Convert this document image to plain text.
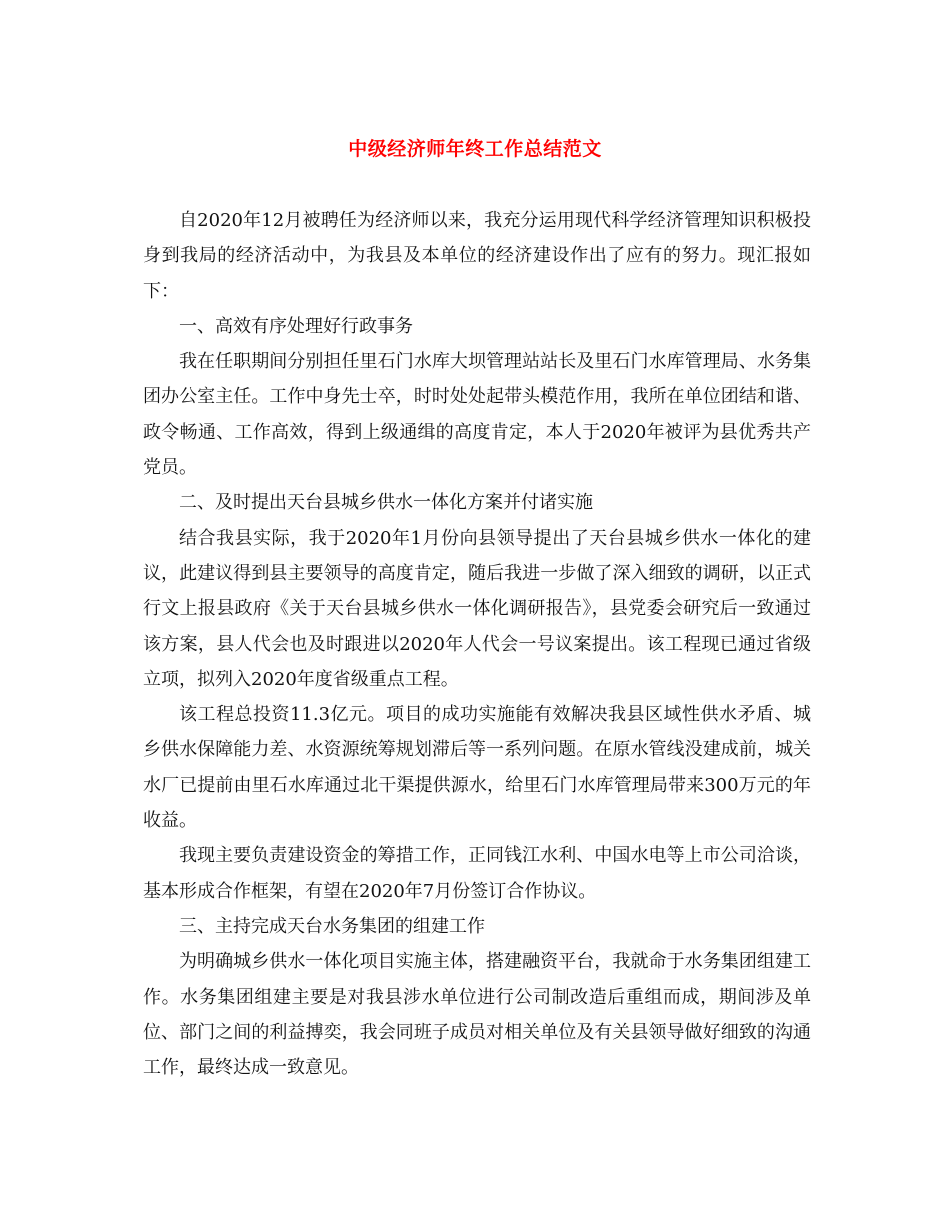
中级经济师年终工作总结范文

自2020年12月被聘任为经济师以来，我充分运用现代科学经济管理知识积极投身到我局的经济活动中，为我县及本单位的经济建设作出了应有的努力。现汇报如下：

一、高效有序处理好行政事务

我在任职期间分别担任里石门水库大坝管理站站长及里石门水库管理局、水务集团办公室主任。工作中身先士卒，时时处处起带头模范作用，我所在单位团结和谐、政令畅通、工作高效，得到上级通缉的高度肯定，本人于2020年被评为县优秀共产党员。

二、及时提出天台县城乡供水一体化方案并付诸实施

结合我县实际，我于2020年1月份向县领导提出了天台县城乡供水一体化的建议，此建议得到县主要领导的高度肯定，随后我进一步做了深入细致的调研，以正式行文上报县政府《关于天台县城乡供水一体化调研报告》，县党委会研究后一致通过该方案，县人代会也及时跟进以2020年人代会一号议案提出。该工程现已通过省级立项，拟列入2020年度省级重点工程。

该工程总投资11.3亿元。项目的成功实施能有效解决我县区域性供水矛盾、城乡供水保障能力差、水资源统筹规划滞后等一系列问题。在原水管线没建成前，城关水厂已提前由里石水库通过北干渠提供源水，给里石门水库管理局带来300万元的年收益。

我现主要负责建设资金的筹措工作，正同钱江水利、中国水电等上市公司洽谈，基本形成合作框架，有望在2020年7月份签订合作协议。

三、主持完成天台水务集团的组建工作

为明确城乡供水一体化项目实施主体，搭建融资平台，我就命于水务集团组建工作。水务集团组建主要是对我县涉水单位进行公司制改造后重组而成，期间涉及单位、部门之间的利益搏奕，我会同班子成员对相关单位及有关县领导做好细致的沟通工作，最终达成一致意见。
